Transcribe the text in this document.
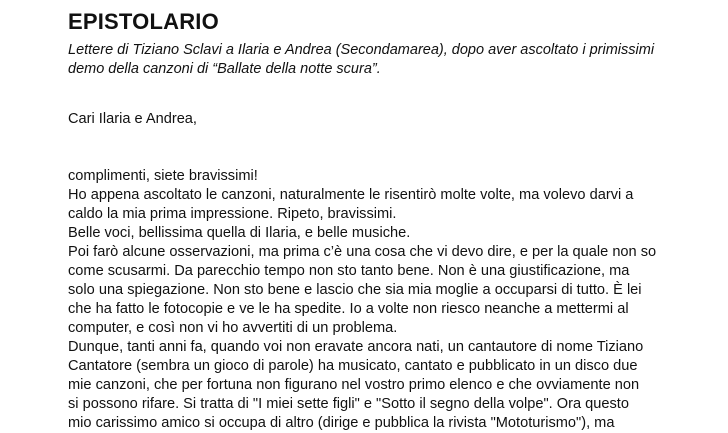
EPISTOLARIO
Lettere di Tiziano Sclavi a Ilaria e Andrea (Secondamarea), dopo aver ascoltato i primissimi
demo della canzoni di “Ballate della notte scura”.
Cari Ilaria e Andrea,
complimenti, siete bravissimi!
Ho appena ascoltato le canzoni, naturalmente le risentirò molte volte, ma volevo darvi a
caldo la mia prima impressione. Ripeto, bravissimi.
Belle voci, bellissima quella di Ilaria, e belle musiche.
Poi farò alcune osservazioni, ma prima c’è una cosa che vi devo dire, e per la quale non so
come scusarmi. Da parecchio tempo non sto tanto bene. Non è una giustificazione, ma
solo una spiegazione. Non sto bene e lascio che sia mia moglie a occuparsi di tutto. È lei
che ha fatto le fotocopie e ve le ha spedite. Io a volte non riesco neanche a mettermi al
computer, e così non vi ho avvertiti di un problema.
Dunque, tanti anni fa, quando voi non eravate ancora nati, un cantautore di nome Tiziano
Cantatore (sembra un gioco di parole) ha musicato, cantato e pubblicato in un disco due
mie canzoni, che per fortuna non figurano nel vostro primo elenco e che ovviamente non
si possono rifare. Si tratta di "I miei sette figli" e "Sotto il segno della volpe". Ora questo
mio carissimo amico si occupa di altro (dirige e pubblica la rivista "Mototurismo"), ma
